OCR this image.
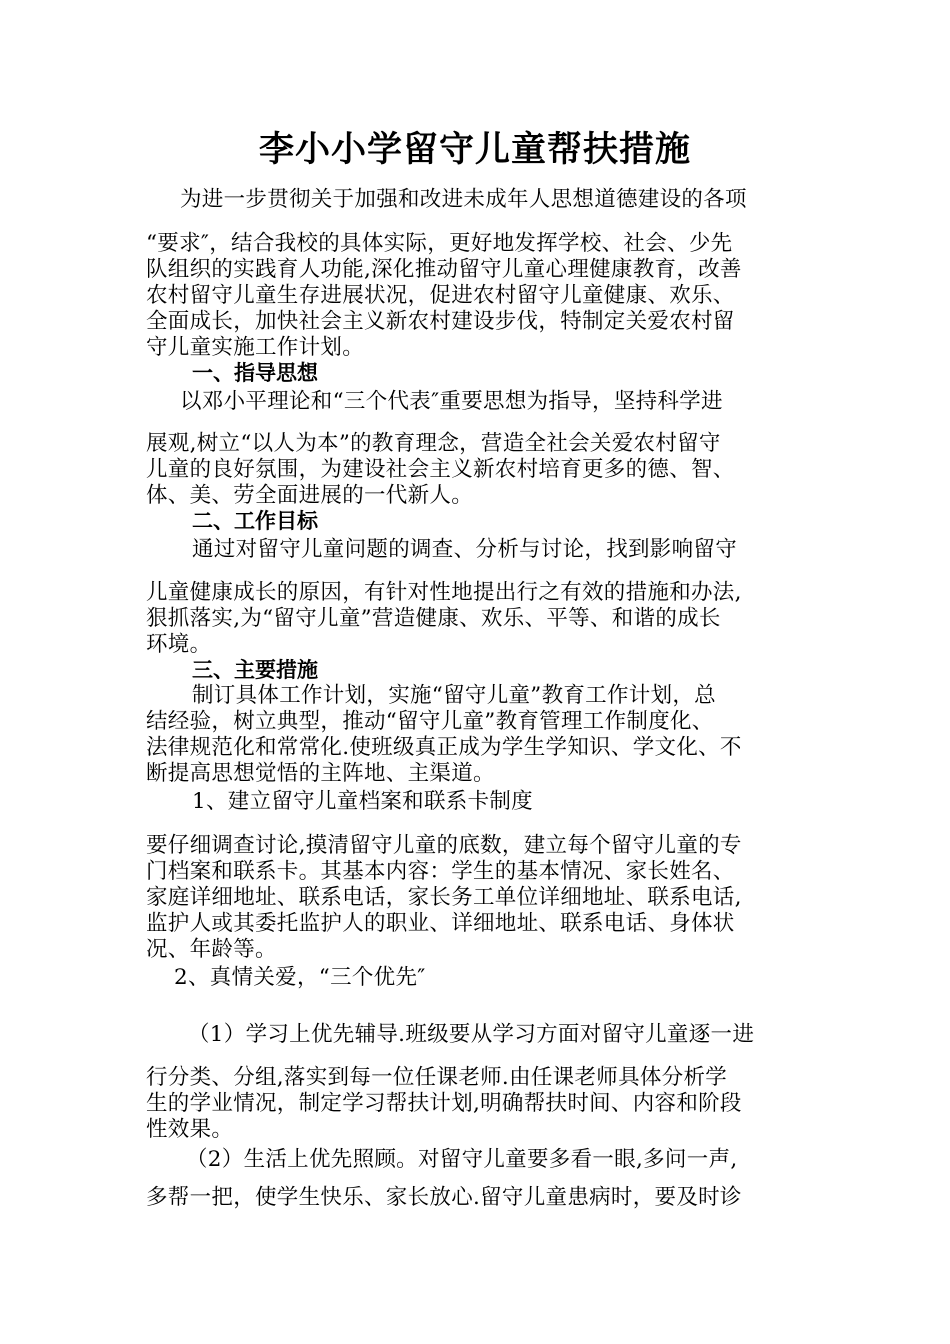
李小小学留守儿童帮扶措施
为进一步贯彻关于加强和改进未成年人思想道德建设的各项
“要求″，结合我校的具体实际，更好地发挥学校、社会、少先
队组织的实践育人功能,深化推动留守儿童心理健康教育，改善
农村留守儿童生存进展状况，促进农村留守儿童健康、欢乐、
全面成长，加快社会主义新农村建设步伐，特制定关爱农村留
守儿童实施工作计划。
一、指导思想
以邓小平理论和“三个代表″重要思想为指导，坚持科学进
展观,树立“以人为本”的教育理念，营造全社会关爱农村留守
儿童的良好氛围，为建设社会主义新农村培育更多的德、智、
体、美、劳全面进展的一代新人。
二、工作目标
通过对留守儿童问题的调查、分析与讨论，找到影响留守
儿童健康成长的原因，有针对性地提出行之有效的措施和办法,
狠抓落实,为“留守儿童”营造健康、欢乐、平等、和谐的成长
环境。
三、主要措施
制订具体工作计划，实施“留守儿童”教育工作计划，总
结经验，树立典型，推动“留守儿童”教育管理工作制度化、
法律规范化和常常化.使班级真正成为学生学知识、学文化、不
断提高思想觉悟的主阵地、主渠道。
1、建立留守儿童档案和联系卡制度
要仔细调查讨论,摸清留守儿童的底数，建立每个留守儿童的专
门档案和联系卡。其基本内容：学生的基本情况、家长姓名、
家庭详细地址、联系电话，家长务工单位详细地址、联系电话,
监护人或其委托监护人的职业、详细地址、联系电话、身体状
况、年龄等。
2、真情关爱，“三个优先″
（1）学习上优先辅导.班级要从学习方面对留守儿童逐一进
行分类、分组,落实到每一位任课老师.由任课老师具体分析学
生的学业情况，制定学习帮扶计划,明确帮扶时间、内容和阶段
性效果。
（2）生活上优先照顾。对留守儿童要多看一眼,多问一声,
多帮一把，使学生快乐、家长放心.留守儿童患病时，要及时诊
